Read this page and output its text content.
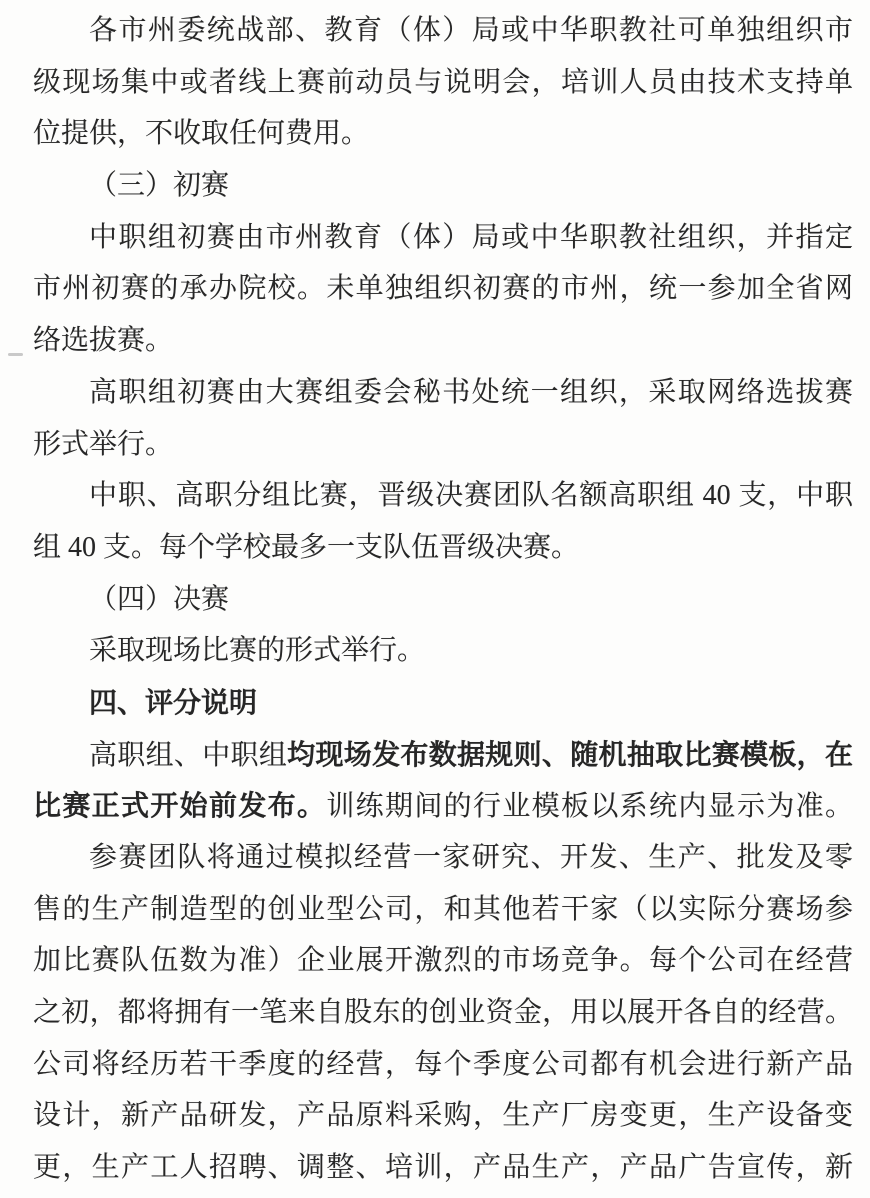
各市州委统战部、教育（体）局或中华职教社可单独组织市
级现场集中或者线上赛前动员与说明会，培训人员由技术支持单
位提供，不收取任何费用。
（三）初赛
中职组初赛由市州教育（体）局或中华职教社组织，并指定
市州初赛的承办院校。未单独组织初赛的市州，统一参加全省网
络选拔赛。
高职组初赛由大赛组委会秘书处统一组织，采取网络选拔赛
形式举行。
中职、高职分组比赛，晋级决赛团队名额高职组 40 支，中职
组 40 支。每个学校最多一支队伍晋级决赛。
（四）决赛
采取现场比赛的形式举行。
四、评分说明
高职组、中职组均现场发布数据规则、随机抽取比赛模板，在
比赛正式开始前发布。训练期间的行业模板以系统内显示为准。
参赛团队将通过模拟经营一家研究、开发、生产、批发及零
售的生产制造型的创业型公司，和其他若干家（以实际分赛场参
加比赛队伍数为准）企业展开激烈的市场竞争。每个公司在经营
之初，都将拥有一笔来自股东的创业资金，用以展开各自的经营。
公司将经历若干季度的经营，每个季度公司都有机会进行新产品
设计，新产品研发，产品原料采购，生产厂房变更，生产设备变
更，生产工人招聘、调整、培训，产品生产，产品广告宣传，新
